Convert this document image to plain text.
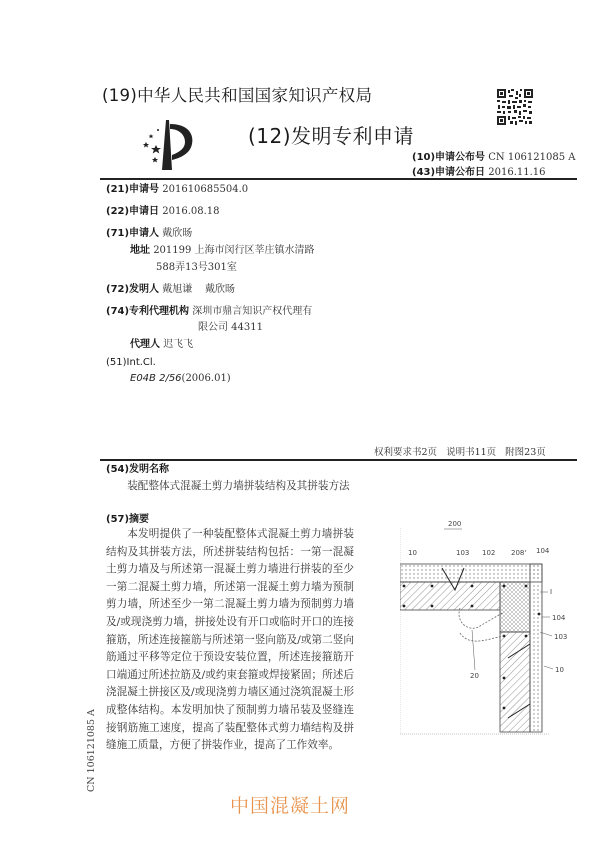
(19)中华人民共和国国家知识产权局
(12)发明专利申请
(10)申请公布号 CN 106121085 A
(43)申请公布日 2016.11.16
(21)申请号 201610685504.0
(22)申请日 2016.08.18
(71)申请人 戴欣旸
地址 201199 上海市闵行区莘庄镇水清路
588弄13号301室
(72)发明人 戴旭谦    戴欣旸
(74)专利代理机构 深圳市鼎言知识产权代理有
限公司 44311
代理人 迟飞飞
(51)Int.Cl.
E04B 2/56(2006.01)
权利要求书2页 说明书11页 附图23页
(54)发明名称
装配整体式混凝土剪力墙拼装结构及其拼装方法
(57)摘要
本发明提供了一种装配整体式混凝土剪力墙拼装结构及其拼装方法，所述拼装结构包括：一第一混凝土剪力墙及与所述第一混凝土剪力墙进行拼装的至少一第二混凝土剪力墙，所述第一混凝土剪力墙为预制剪力墙，所述至少一第二混凝土剪力墙为预制剪力墙及/或现浇剪力墙，拼接处设有开口或临时开口的连接箍筋，所述连接箍筋与所述第一竖向筋及/或第二竖向筋通过平移等定位于预设安装位置，所述连接箍筋开口端通过所述拉筋及/或约束套箍或焊接紧固；所述后浇混凝土拼接区及/或现浇剪力墙区通过浇筑混凝土形成整体结构。本发明加快了预制剪力墙吊装及竖缝连接钢筋施工速度，提高了装配整体式剪力墙结构及拼缝施工质量，方便了拼装作业，提高了工作效率。
CN 106121085 A
200
10	103 102 208' 104
I
104
103
20
10
中国混凝土网
